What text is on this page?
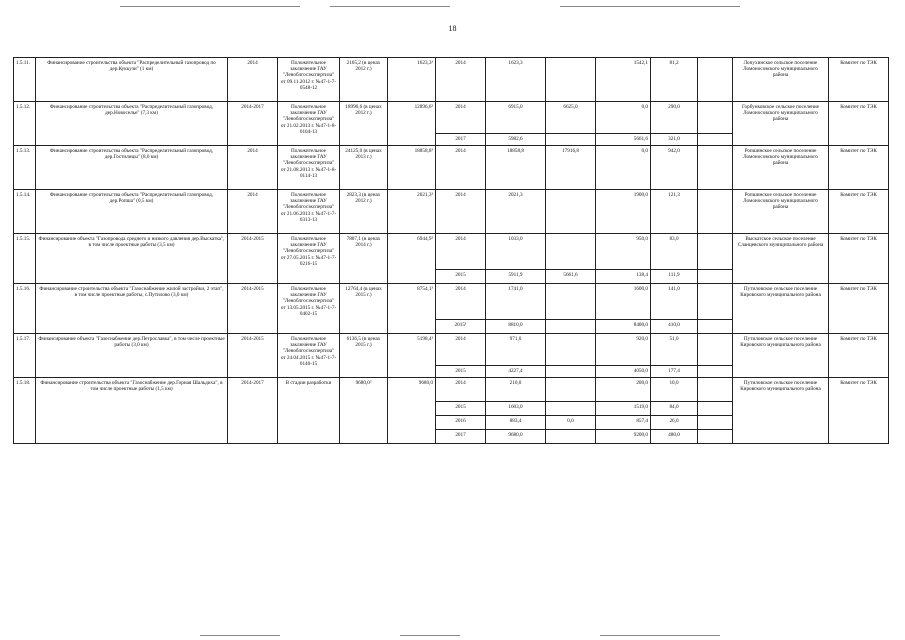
18
1.5.11.	Финансирование строительства объекта "Распределительный газопровод по дер.Куккузи" (1 км)	2014	Положительное заключение ГАУ "Леноблгосэкспертиза" от 09.11.2012 г. №47-1-7-0548-12	2165,2 (в ценах 2012 г.)	1623,3³	2014	1623,3		1542,1	81,2		Лопухинское сельское поселение Ломоносовского муниципального района	Комитет по ТЭК
1.5.12.	Финансирование строительства объекта "Распределительный газопровод, дер.Новоселье" (7,3 км)	2014-2017	Положительное заключение ГАУ "Леноблгосэкспертиза" от 21.02.2013 г. №47-1-8-0104-13	18996,6 (в ценах 2012 г.)	12896,6²	2014	6915,0	6625,0	0,0	290,0		Горбунковское сельское поселение Ломоносовского муниципального района	Комитет по ТЭК
						2017	5982,6		5661,6	321,0			
1.5.13.	Финансирование строительства объекта "Распределительный газопровод, дер.Гостилицы" (8,0 км)	2014	Положительное заключение ГАУ "Леноблгосэкспертиза" от 21.08.2013 г. №47-1-8-0114-13	24125,0 (в ценах 2013 г.)	18858,8³	2014	18858,8	17916,8	0,0	942,0		Ропшинское сельское поселение Ломоносовского муниципального района	Комитет по ТЭК
1.5.14.	Финансирование строительства объекта "Распределительный газопровод, дер.Ропша" (0,5 км)	2014	Положительное заключение ГАУ "Леноблгосэкспертиза" от 21.06.2013 г. №47-1-7-0313-13	2823,3 (в ценах 2012 г.)	2021,3³	2014	2021,3		1900,0	121,3		Ропшинское сельское поселение Ломоносовского муниципального района	Комитет по ТЭК
1.5.15.	Финансирование объекта "Газопровода среднего и низкого давления дер.Выскатка", в том числе проектные работы (3,5 км)	2014-2015	Положительное заключение ГАУ "Леноблгосэкспертиза" от 27.05.2015 г. №47-1-7-0216-15	7807,1 (в ценах 2014 г.)	6944,9²	2014	1033,0		950,0	83,0		Выскатское сельское поселение Сланцевского муниципального района	Комитет по ТЭК
						2015	5911,9	5661,6	138,4	111,9			
1.5.16.	Финансирование строительства объекта "Газоснабжение жилой застройки, 2 этап", в том числе проектные работы, с.Путилово (3,0 км)	2014-2015	Положительное заключение ГАУ "Леноблгосэкспертиза" от 13.05.2015 г. №47-1-7-0402-15	12764,4 (в ценах 2015 г.)	8754,1³	2014	1741,0		1600,0	141,0		Путиловское сельское поселение Кировского муниципального района	Комитет по ТЭК
						2015¹	8810,0		8400,0	410,0			
1.5.17.	Финансирование объекта "Газоснабжение дер.Петрославка", в том числе проектные работы (3,0 км)	2014-2015	Положительное заключение ГАУ "Леноблгосэкспертиза" от 24.04.2015 г. №47-1-7-0140-15	6136,5 (в ценах 2015 г.)	5198,4³	2014	971,0		920,0	51,0		Путиловское сельское поселение Кировского муниципального района	Комитет по ТЭК
						2015	4227,4		4050,0	177,4			
1.5.18.	Финансирование строительства объекта "Газоснабжение дер.Горная Шальдиха", в том числе проектные работы (1,5 км)	2014-2017	В стадии разработки	9680,0²	9680,0	2014	210,0		200,0	10,0		Путиловское сельское поселение Кировского муниципального района	Комитет по ТЭК
						2015	1603,0		1519,0	84,0			
						2016	883,4	0,0	857,4	26,0			
						2017	9680,0		9200,0	480,0			
